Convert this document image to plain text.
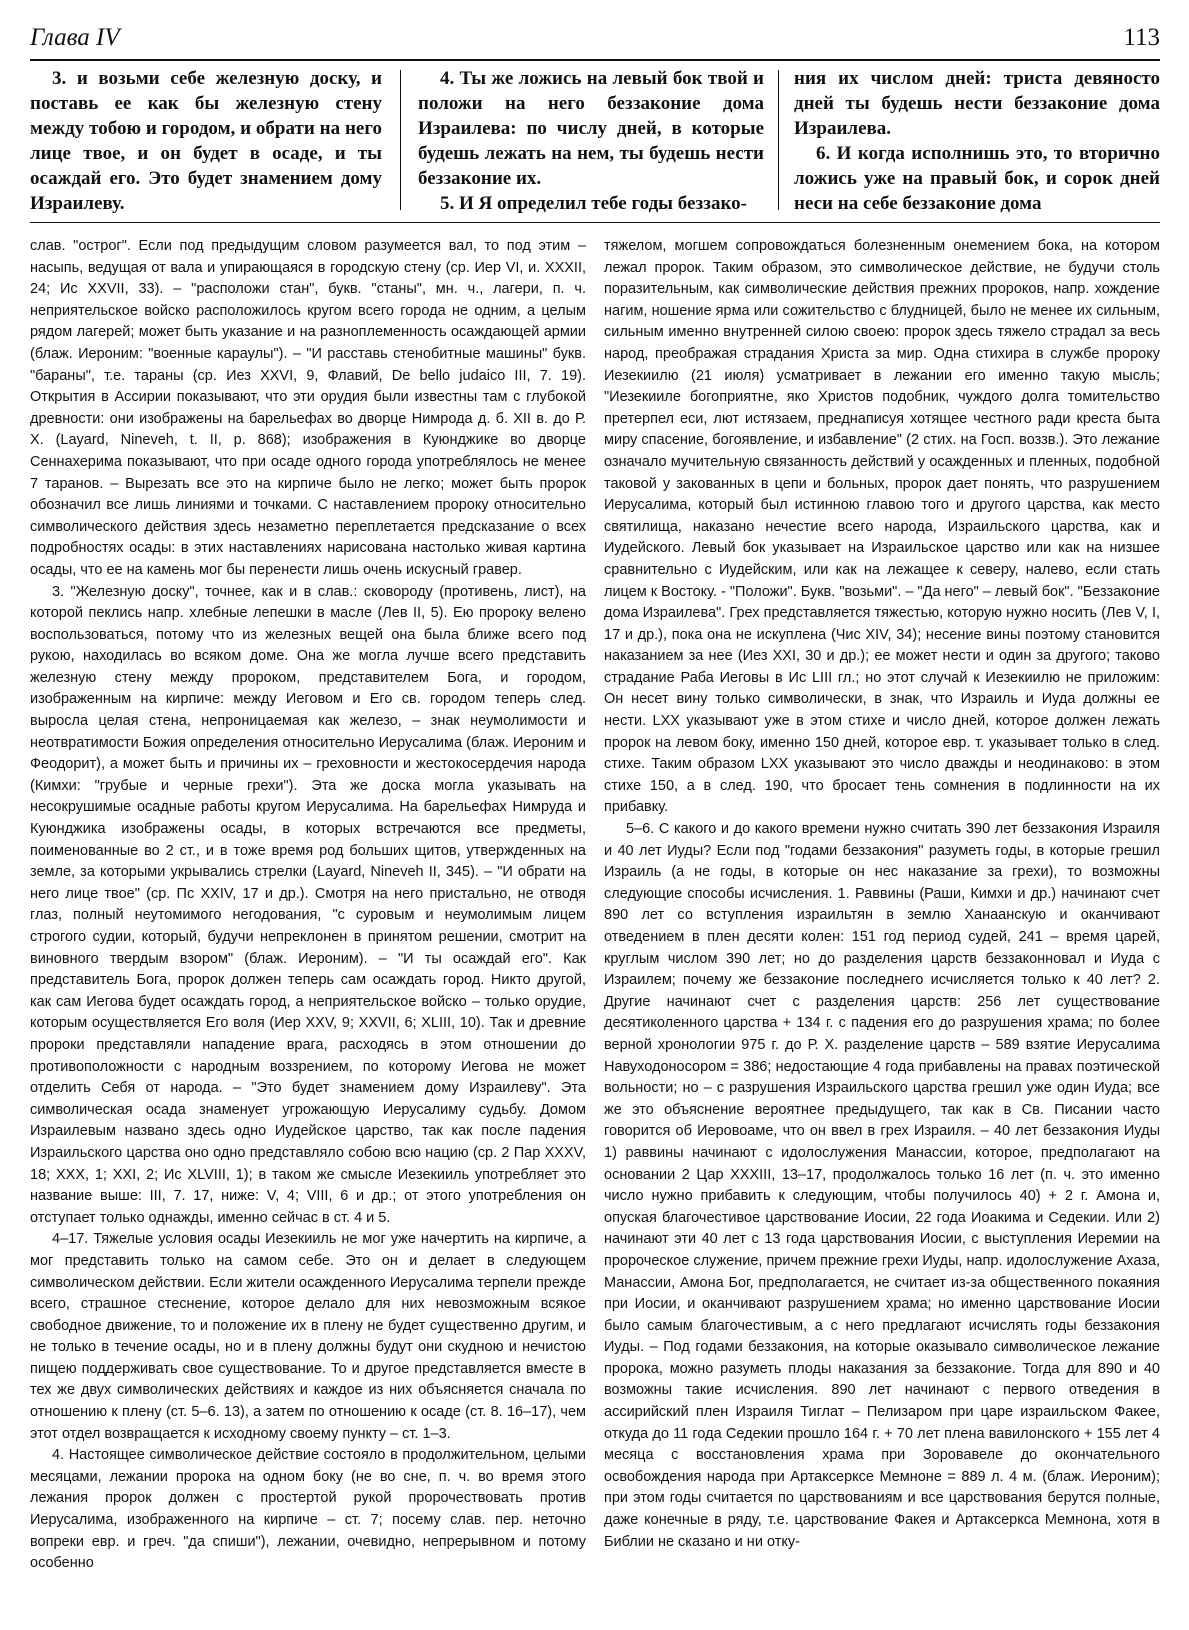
Глава IV	113

3. и возьми себе железную доску, и поставь ее как бы железную стену между тобою и городом, и обрати на него лице твое, и он будет в осаде, и ты осаждай его. Это будет знамением дому Израилеву.

4. Ты же ложись на левый бок твой и положи на него беззаконие дома Израилева: по числу дней, в которые будешь лежать на нем, ты будешь нести беззаконие их.

5. И Я определил тебе годы беззако-

ния их числом дней: триста девяносто дней ты будешь нести беззаконие дома Израилева.

6. И когда исполнишь это, то вторично ложись уже на правый бок, и сорок дней неси на себе беззаконие дома

слав. "острог". Если под предыдущим словом разумеется вал, то под этим – насыпь, ведущая от вала и упирающаяся в городскую стену (ср. Иер VI, и. XXXII, 24; Ис XXVII, 33). – "расположи стан", букв. "станы", мн. ч., лагери, п. ч. неприятельское войско расположилось кругом всего города не одним, а целым рядом лагерей; может быть указание и на разноплеменность осаждающей армии (блаж. Иероним: "военные караулы"). – "И расставь стенобитные машины" букв. "бараны", т.е. тараны (ср. Иез XXVI, 9, Флавий, De bello judaico III, 7. 19). Открытия в Ассирии показывают, что эти орудия были известны там с глубокой древности: они изображены на барельефах во дворце Нимрода д. б. XII в. до Р. Х. (Layard, Nineveh, t. II, p. 868); изображения в Куюнджике во дворце Сеннахерима показывают, что при осаде одного города употреблялось не менее 7 таранов. – Вырезать все это на кирпиче было не легко; может быть пророк обозначил все лишь линиями и точками. С наставлением пророку относительно символического действия здесь незаметно переплетается предсказание о всех подробностях осады: в этих наставлениях нарисована настолько живая картина осады, что ее на камень мог бы перенести лишь очень искусный гравер.

3. "Железную доску", точнее, как и в слав.: сковороду (противень, лист), на которой пеклись напр. хлебные лепешки в масле (Лев II, 5). Ею пророку велено воспользоваться, потому что из железных вещей она была ближе всего под рукою, находилась во всяком доме. Она же могла лучше всего представить железную стену между пророком, представителем Бога, и городом, изображенным на кирпиче: между Иеговом и Его св. городом теперь след. выросла целая стена, непроницаемая как железо, – знак неумолимости и неотвратимости Божия определения относительно Иерусалима (блаж. Иероним и Феодорит), а может быть и причины их – греховности и жестокосердечия народа (Кимхи: "грубые и черные грехи"). Эта же доска могла указывать на несокрушимые осадные работы кругом Иерусалима. На барельефах Нимруда и Куюнджика изображены осады, в которых встречаются все предметы, поименованные во 2 ст., и в тоже время род больших щитов, утвержденных на земле, за которыми укрывались стрелки (Layard, Nineveh II, 345). – "И обрати на него лице твое" (ср. Пс XXIV, 17 и др.). Смотря на него пристально, не отводя глаз, полный неутомимого негодования, "с суровым и неумолимым лицем строгого судии, который, будучи непреклонен в принятом решении, смотрит на виновного твердым взором" (блаж. Иероним). – "И ты осаждай его". Как представитель Бога, пророк должен теперь сам осаждать город. Никто другой, как сам Иегова будет осаждать город, а неприятельское войско – только орудие, которым осуществляется Его воля (Иер XXV, 9; XXVII, 6; XLIII, 10). Так и древние пророки представляли нападение врага, расходясь в этом отношении до противоположности с народным воззрением, по которому Иегова не может отделить Себя от народа. – "Это будет знамением дому Израилеву". Эта символическая осада знаменует угрожающую Иерусалиму судьбу. Домом Израилевым названо здесь одно Иудейское царство, так как после падения Израильского царства оно одно представляло собою всю нацию (ср. 2 Пар XXXV, 18; XXX, 1; XXI, 2; Ис XLVIII, 1); в таком же смысле Иезекииль употребляет это название выше: III, 7. 17, ниже: V, 4; VIII, 6 и др.; от этого употребления он отступает только однажды, именно сейчас в ст. 4 и 5.

4–17. Тяжелые условия осады Иезекииль не мог уже начертить на кирпиче, а мог представить только на самом себе. Это он и делает в следующем символическом действии. Если жители осажденного Иерусалима терпели прежде всего, страшное стеснение, которое делало для них невозможным всякое свободное движение, то и положение их в плену не будет существенно другим, и не только в течение осады, но и в плену должны будут они скудною и нечистою пищею поддерживать свое существование. То и другое представляется вместе в тех же двух символических действиях и каждое из них объясняется сначала по отношению к плену (ст. 5–6. 13), а затем по отношению к осаде (ст. 8. 16–17), чем этот отдел возвращается к исходному своему пункту – ст. 1–3.

4. Настоящее символическое действие состояло в продолжительном, целыми месяцами, лежании пророка на одном боку (не во сне, п. ч. во время этого лежания пророк должен с простертой рукой пророчествовать против Иерусалима, изображенного на кирпиче – ст. 7; посему слав. пер. неточно вопреки евр. и греч. "да спиши"), лежании, очевидно, непрерывном и потому особенно

тяжелом, могшем сопровождаться болезненным онемением бока, на котором лежал пророк. Таким образом, это символическое действие, не будучи столь поразительным, как символические действия прежних пророков, напр. хождение нагим, ношение ярма или сожительство с блудницей, было не менее их сильным, сильным именно внутренней силою своею: пророк здесь тяжело страдал за весь народ, преображая страдания Христа за мир. Одна стихира в службе пророку Иезекиилю (21 июля) усматривает в лежании его именно такую мысль; "Иезекииле богоприятне, яко Христов подобник, чуждого долга томительство претерпел еси, лют истязаем, преднаписуя хотящее честного ради креста быта миру спасение, богоявление, и избавление" (2 стих. на Госп. воззв.). Это лежание означало мучительную связанность действий у осажденных и пленных, подобной таковой у закованных в цепи и больных, пророк дает понять, что разрушением Иерусалима, который был истинною главою того и другого царства, как место святилища, наказано нечестие всего народа, Израильского царства, как и Иудейского. Левый бок указывает на Израильское царство или как на низшее сравнительно с Иудейским, или как на лежащее к северу, налево, если стать лицем к Востоку. - "Положи". Букв. "возьми". – "Да него" – левый бок". "Беззаконие дома Израилева". Грех представляется тяжестью, которую нужно носить (Лев V, I, 17 и др.), пока она не искуплена (Чис XIV, 34); несение вины поэтому становится наказанием за нее (Иез XXI, 30 и др.); ее может нести и один за другого; таково страдание Раба Иеговы в Ис LIII гл.; но этот случай к Иезекиилю не приложим: Он несет вину только символически, в знак, что Израиль и Иуда должны ее нести. LXX указывают уже в этом стихе и число дней, которое должен лежать пророк на левом боку, именно 150 дней, которое евр. т. указывает только в след. стихе. Таким образом LXX указывают это число дважды и неодинаково: в этом стихе 150, а в след. 190, что бросает тень сомнения в подлинности на их прибавку.

5–6. С какого и до какого времени нужно считать 390 лет беззакония Израиля и 40 лет Иуды? Если под "годами беззакония" разуметь годы, в которые грешил Израиль (а не годы, в которые он нес наказание за грехи), то возможны следующие способы исчисления. 1. Раввины (Раши, Кимхи и др.) начинают счет 890 лет со вступления израильтян в землю Ханаанскую и оканчивают отведением в плен десяти колен: 151 год период судей, 241 – время царей, круглым числом 390 лет; но до разделения царств беззаконновал и Иуда с Израилем; почему же беззаконие последнего исчисляется только к 40 лет? 2. Другие начинают счет с разделения царств: 256 лет существование десятиколенного царства + 134 г. с падения его до разрушения храма; по более верной хронологии 975 г. до Р. Х. разделение царств – 589 взятие Иерусалима Навуходоносором = 386; недостающие 4 года прибавлены на правах поэтической вольности; но – с разрушения Израильского царства грешил уже один Иуда; все же это объяснение вероятнее предыдущего, так как в Св. Писании часто говорится об Иеровоаме, что он ввел в грех Израиля. – 40 лет беззакония Иуды 1) раввины начинают с идолослужения Манассии, которое, предполагают на основании 2 Цар XXXIII, 13–17, продолжалось только 16 лет (п. ч. это именно число нужно прибавить к следующим, чтобы получилось 40) + 2 г. Амона и, опуская благочестивое царствование Иосии, 22 года Иоакима и Седекии. Или 2) начинают эти 40 лет с 13 года царствования Иосии, с выступления Иеремии на пророческое служение, причем прежние грехи Иуды, напр. идолослужение Ахаза, Манассии, Амона Бог, предполагается, не считает из-за общественного покаяния при Иосии, и оканчивают разрушением храма; но именно царствование Иосии было самым благочестивым, а с него предлагают исчислять годы беззакония Иуды. – Под годами беззакония, на которые оказывало символическое лежание пророка, можно разуметь плоды наказания за беззаконие. Тогда для 890 и 40 возможны такие исчисления. 890 лет начинают с первого отведения в ассирийский плен Израиля Тиглат – Пелизаром при царе израильском Факее, откуда до 11 года Седекии прошло 164 г. + 70 лет плена вавилонского + 155 лет 4 месяца с восстановления храма при Зоровавеле до окончательного освобождения народа при Артаксерксе Мемноне = 889 л. 4 м. (блаж. Иероним); при этом годы считается по царствованиям и все царствования берутся полные, даже конечные в ряду, т.е. царствование Факея и Артаксеркса Мемнона, хотя в Библии не сказано и ни отку-
